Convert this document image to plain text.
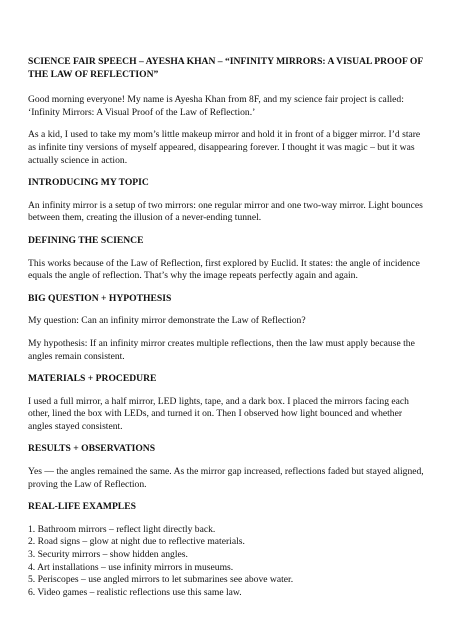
SCIENCE FAIR SPEECH – AYESHA KHAN – “INFINITY MIRRORS: A VISUAL PROOF OF THE LAW OF REFLECTION”

Good morning everyone! My name is Ayesha Khan from 8F, and my science fair project is called: ‘Infinity Mirrors: A Visual Proof of the Law of Reflection.’

As a kid, I used to take my mom’s little makeup mirror and hold it in front of a bigger mirror. I’d stare as infinite tiny versions of myself appeared, disappearing forever. I thought it was magic – but it was actually science in action.

INTRODUCING MY TOPIC

An infinity mirror is a setup of two mirrors: one regular mirror and one two-way mirror. Light bounces between them, creating the illusion of a never-ending tunnel.

DEFINING THE SCIENCE

This works because of the Law of Reflection, first explored by Euclid. It states: the angle of incidence equals the angle of reflection. That’s why the image repeats perfectly again and again.

BIG QUESTION + HYPOTHESIS

My question: Can an infinity mirror demonstrate the Law of Reflection?

My hypothesis: If an infinity mirror creates multiple reflections, then the law must apply because the angles remain consistent.

MATERIALS + PROCEDURE

I used a full mirror, a half mirror, LED lights, tape, and a dark box. I placed the mirrors facing each other, lined the box with LEDs, and turned it on. Then I observed how light bounced and whether angles stayed consistent.

RESULTS + OBSERVATIONS

Yes — the angles remained the same. As the mirror gap increased, reflections faded but stayed aligned, proving the Law of Reflection.

REAL-LIFE EXAMPLES
1. Bathroom mirrors – reflect light directly back.
2. Road signs – glow at night due to reflective materials.
3. Security mirrors – show hidden angles.
4. Art installations – use infinity mirrors in museums.
5. Periscopes – use angled mirrors to let submarines see above water.
6. Video games – realistic reflections use this same law.
